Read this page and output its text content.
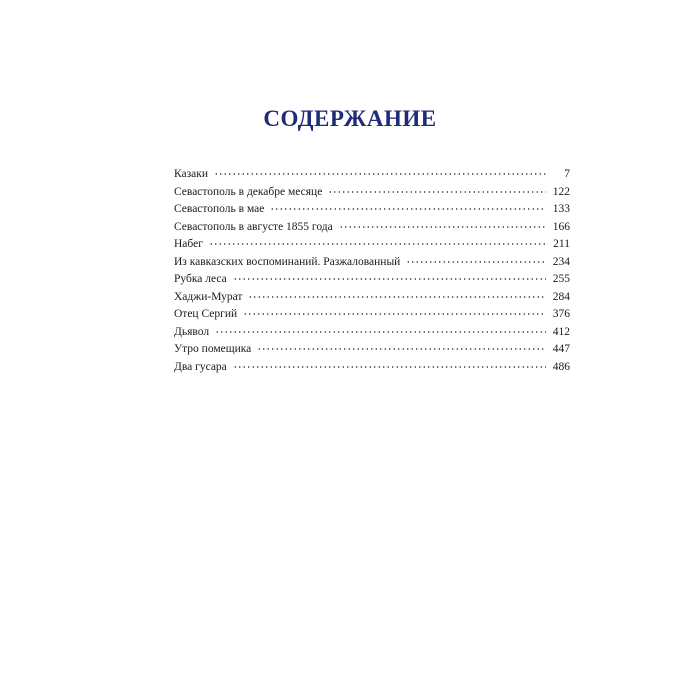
СОДЕРЖАНИЕ
Казаки	7
Севастополь в декабре месяце	122
Севастополь в мае	133
Севастополь в августе 1855 года	166
Набег	211
Из кавказских воспоминаний. Разжалованный	234
Рубка леса	255
Хаджи-Мурат	284
Отец Сергий	376
Дьявол	412
Утро помещика	447
Два гусара	486
